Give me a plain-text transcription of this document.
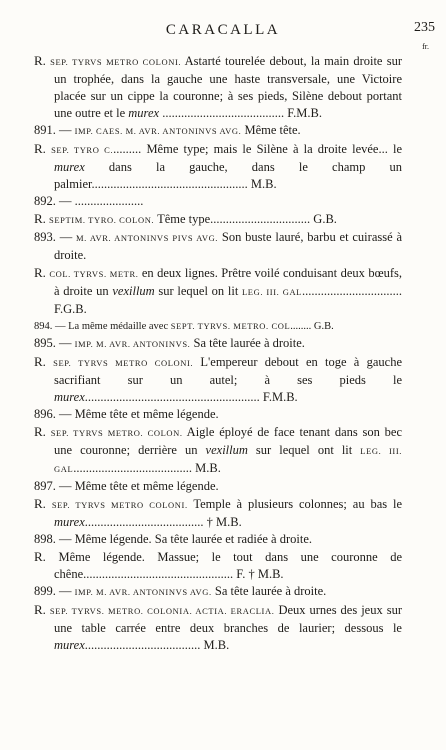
CARACALLA	235
fr.

R. SEP. TYRVS METRO COLONI. Astarté tourelée debout, la main droite sur un trophée, dans la gauche une haste transversale, une Victoire placée sur un cippe la couronne; à ses pieds, Silène debout portant une outre et le murex ....................................... F.M.B.

891. — IMP. CAES. M. AVR. ANTONINVS AVG. Même tête.

R. SEP. TYRO C.......... Même type; mais le Silène à la droite levée... le murex dans la gauche, dans le champ un palmier.................................................. M.B.

892. — ......................

R. SEPTIM. TYRO. COLON. Tême type................................ G.B.

893. — M. AVR. ANTONINVS PIVS AVG. Son buste lauré, barbu et cuirassé à droite.

R. COL. TYRVS. METR. en deux lignes. Prêtre voilé conduisant deux bœufs, à droite un vexillum sur lequel on lit LEG. III. GAL................................ F.G.B.

894. — La même médaille avec SEPT. TYRVS. METRO. COL........ G.B.

895. — IMP. M. AVR. ANTONINVS. Sa tête laurée à droite.

R. SEP. TYRVS METRO COLONI. L'empereur debout en toge à gauche sacrifiant sur un autel; à ses pieds le murex........................................................ F.M.B.

896. — Même tête et même légende.

R. SEP. TYRVS METRO. COLON. Aigle éployé de face tenant dans son bec une couronne; derrière un vexillum sur lequel ont lit LEG. III. GAL...................................... M.B.

897. — Même tête et même légende.

R. SEP. TYRVS METRO COLONI. Temple à plusieurs colonnes; au bas le murex...................................... † M.B.

898. — Même légende. Sa tête laurée et radiée à droite.

R. Même légende. Massue; le tout dans une couronne de chêne................................................ F. † M.B.

899. — IMP. M. AVR. ANTONINVS AVG. Sa tête laurée à droite.

R. SEP. TYRVS. METRO. COLONIA. ACTIA. ERACLIA. Deux urnes des jeux sur une table carrée entre deux branches de laurier; dessous le murex..................................... M.B.
